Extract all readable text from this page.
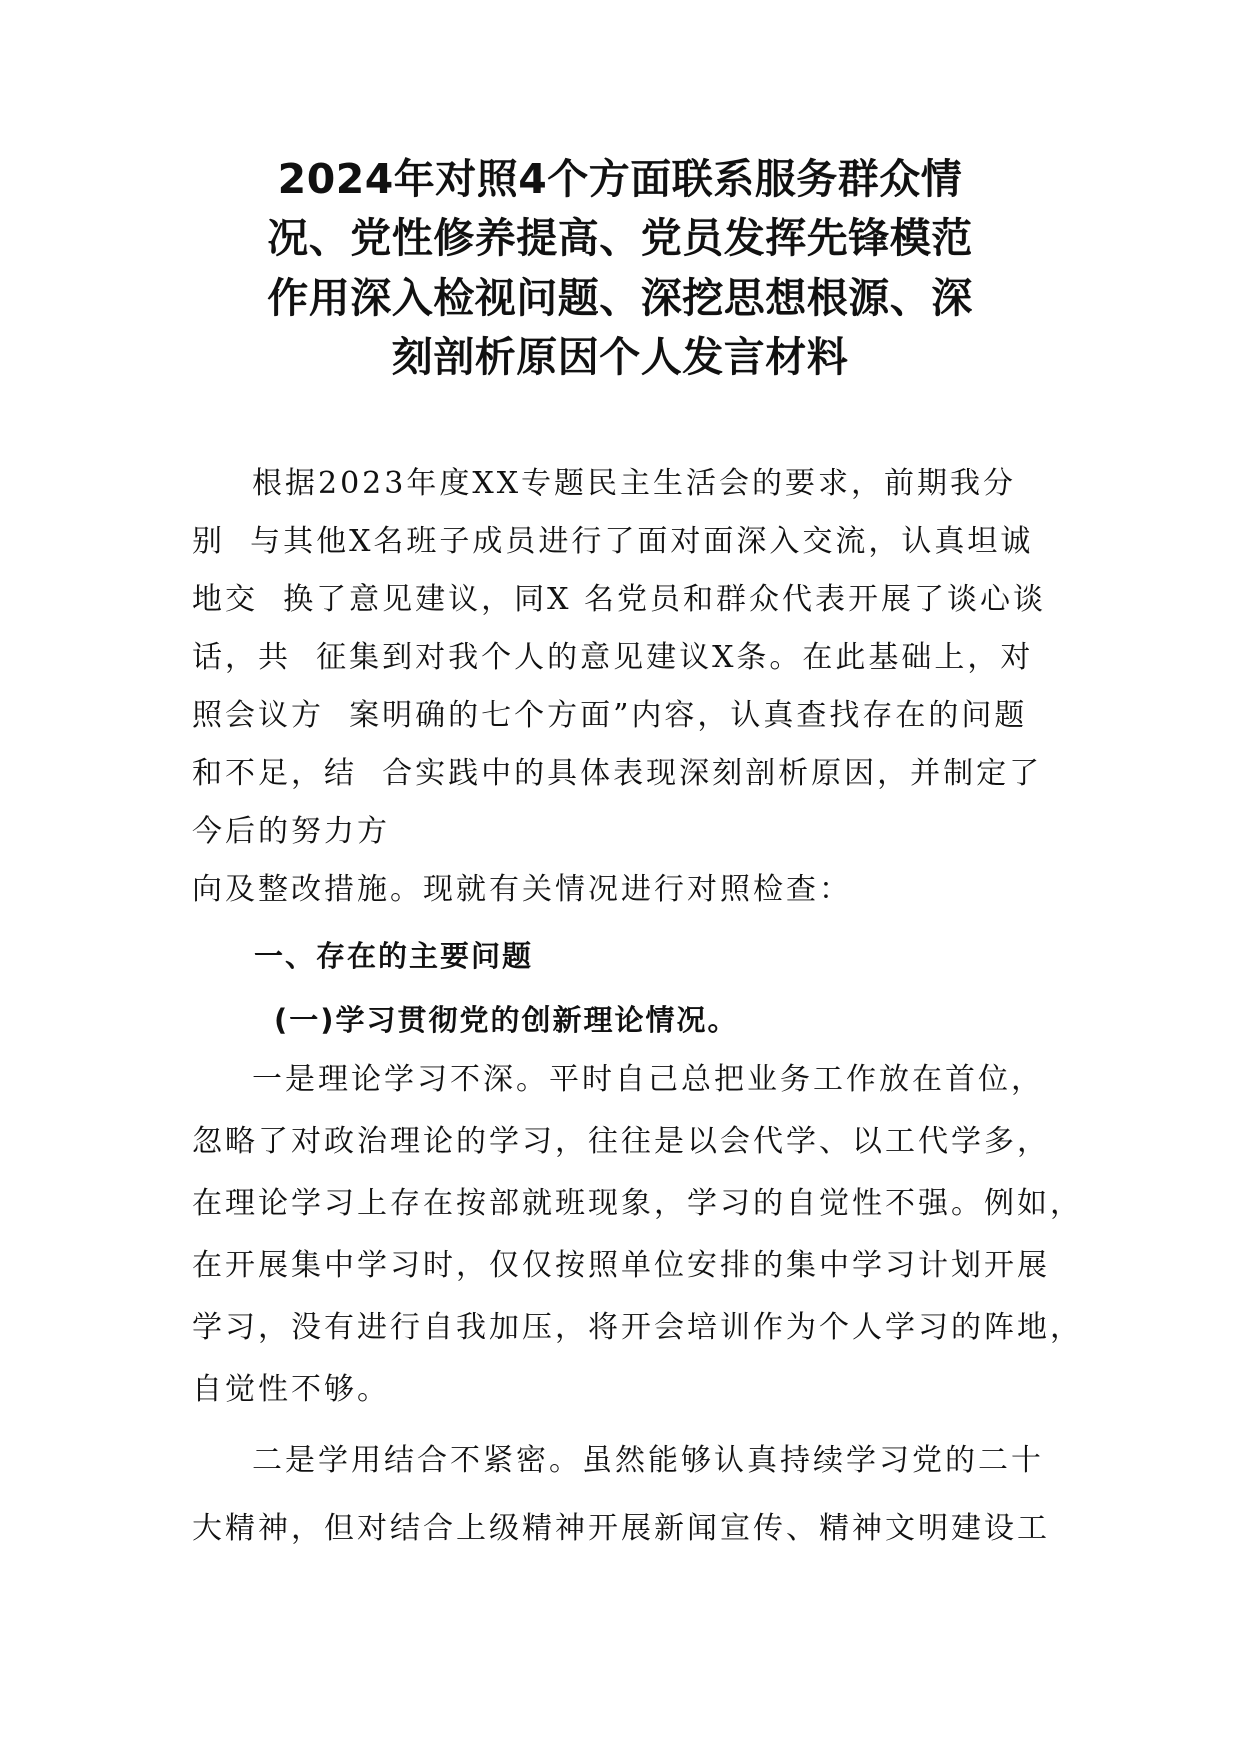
2024年对照4个方面联系服务群众情
况、党性修养提高、党员发挥先锋模范
作用深入检视问题、深挖思想根源、深
刻剖析原因个人发言材料
根据2023年度XX专题民主生活会的要求，前期我分
别  与其他X名班子成员进行了面对面深入交流，认真坦诚
地交  换了意见建议，同X 名党员和群众代表开展了谈心谈
话，共  征集到对我个人的意见建议X条。在此基础上，对
照会议方  案明确的七个方面”内容，认真查找存在的问题
和不足，结  合实践中的具体表现深刻剖析原因，并制定了
今后的努力方
向及整改措施。现就有关情况进行对照检查：
一、存在的主要问题
(一)学习贯彻党的创新理论情况。
一是理论学习不深。平时自己总把业务工作放在首位，
忽略了对政治理论的学习，往往是以会代学、以工代学多，
在理论学习上存在按部就班现象，学习的自觉性不强。例如，
在开展集中学习时，仅仅按照单位安排的集中学习计划开展
学习，没有进行自我加压，将开会培训作为个人学习的阵地，
自觉性不够。
二是学用结合不紧密。虽然能够认真持续学习党的二十
大精神，但对结合上级精神开展新闻宣传、精神文明建设工
